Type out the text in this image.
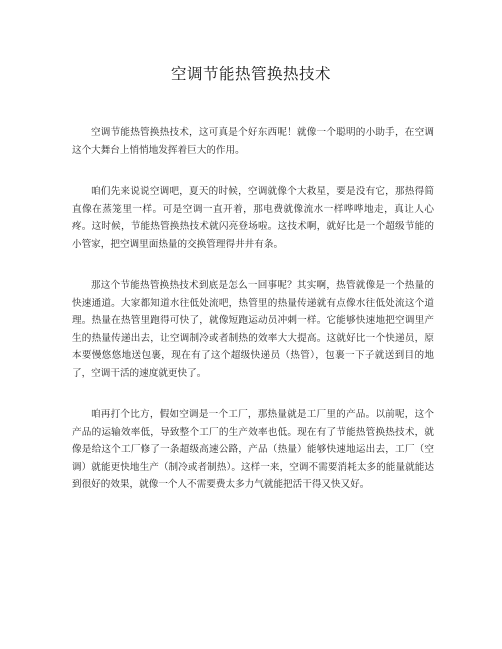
空调节能热管换热技术

空调节能热管换热技术，这可真是个好东西呢！就像一个聪明的小助手，在空调这个大舞台上悄悄地发挥着巨大的作用。

咱们先来说说空调吧，夏天的时候，空调就像个大救星，要是没有它，那热得简直像在蒸笼里一样。可是空调一直开着，那电费就像流水一样哗哗地走，真让人心疼。这时候，节能热管换热技术就闪亮登场啦。这技术啊，就好比是一个超级节能的小管家，把空调里面热量的交换管理得井井有条。

那这个节能热管换热技术到底是怎么一回事呢？其实啊，热管就像是一个热量的快速通道。大家都知道水往低处流吧，热管里的热量传递就有点像水往低处流这个道理。热量在热管里跑得可快了，就像短跑运动员冲刺一样。它能够快速地把空调里产生的热量传递出去，让空调制冷或者制热的效率大大提高。这就好比一个快递员，原本要慢悠悠地送包裹，现在有了这个超级快递员（热管），包裹一下子就送到目的地了，空调干活的速度就更快了。

咱再打个比方，假如空调是一个工厂，那热量就是工厂里的产品。以前呢，这个产品的运输效率低，导致整个工厂的生产效率也低。现在有了节能热管换热技术，就像是给这个工厂修了一条超级高速公路，产品（热量）能够快速地运出去，工厂（空调）就能更快地生产（制冷或者制热）。这样一来，空调不需要消耗太多的能量就能达到很好的效果，就像一个人不需要费太多力气就能把活干得又快又好。
